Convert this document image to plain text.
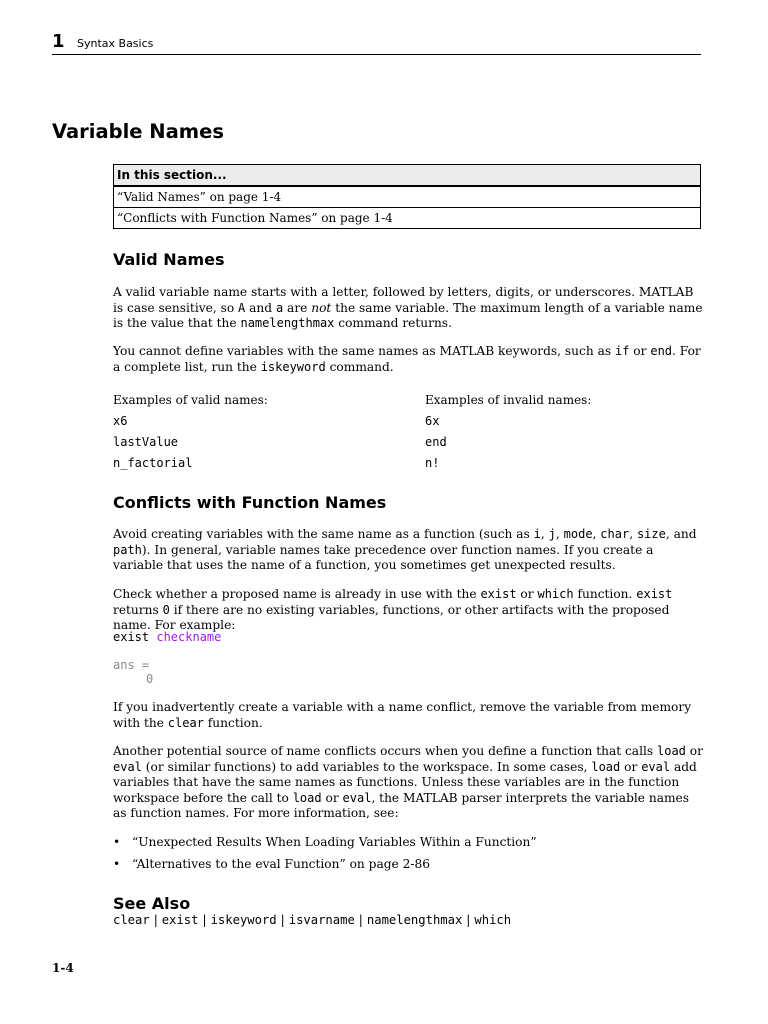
1 Syntax Basics
Variable Names
In this section...
“Valid Names” on page 1-4
“Conflicts with Function Names” on page 1-4
Valid Names

A valid variable name starts with a letter, followed by letters, digits, or underscores. MATLAB is case sensitive, so A and a are not the same variable. The maximum length of a variable name is the value that the namelengthmax command returns.

You cannot define variables with the same names as MATLAB keywords, such as if or end. For a complete list, run the iskeyword command.

Examples of valid names:	Examples of invalid names:
x6	6x
lastValue	end
n_factorial	n!
Conflicts with Function Names

Avoid creating variables with the same name as a function (such as i, j, mode, char, size, and path). In general, variable names take precedence over function names. If you create a variable that uses the name of a function, you sometimes get unexpected results.

Check whether a proposed name is already in use with the exist or which function. exist returns 0 if there are no existing variables, functions, or other artifacts with the proposed name. For example:

exist checkname
ans =
0

If you inadvertently create a variable with a name conflict, remove the variable from memory with the clear function.

Another potential source of name conflicts occurs when you define a function that calls load or eval (or similar functions) to add variables to the workspace. In some cases, load or eval add variables that have the same names as functions. Unless these variables are in the function workspace before the call to load or eval, the MATLAB parser interprets the variable names as function names. For more information, see:

• “Unexpected Results When Loading Variables Within a Function”
• “Alternatives to the eval Function” on page 2-86
See Also
clear | exist | iskeyword | isvarname | namelengthmax | which
1-4
